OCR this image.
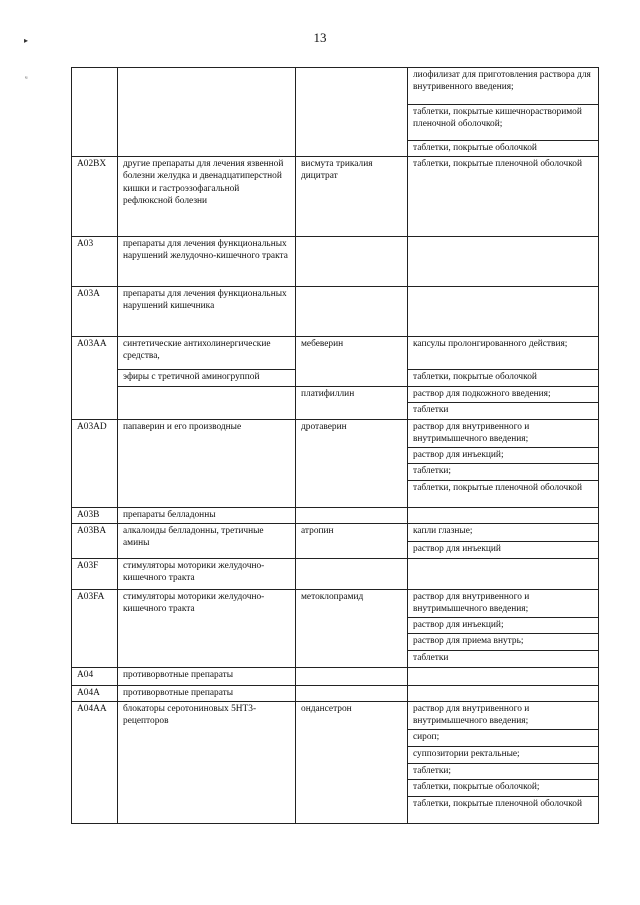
13
▸
ᵤ
				лиофилизат для приготовления раствора для внутривенного введения;
			таблетки, покрытые кишечнорастворимой пленочной оболочкой;
			таблетки, покрытые оболочкой
A02BX	другие препараты для лечения язвенной болезни желудка и двенадцатиперстной кишки и гастроэзофагальной рефлюксной болезни	висмута трикалия дицитрат	таблетки, покрытые пленочной оболочкой
A03	препараты для лечения функциональных нарушений желудочно-кишечного тракта		
A03A	препараты для лечения функциональных нарушений кишечника		
A03AA	синтетические антихолинергические средства,	мебеверин	капсулы пролонгированного действия;
	эфиры с третичной аминогруппой		таблетки, покрытые оболочкой
		платифиллин	раствор для подкожного введения;
			таблетки
A03AD	папаверин и его производные	дротаверин	раствор для внутривенного и внутримышечного введения;
			раствор для инъекций;
			таблетки;
			таблетки, покрытые пленочной оболочкой
A03B	препараты белладонны		
A03BA	алкалоиды белладонны, третичные амины	атропин	капли глазные;
			раствор для инъекций
A03F	стимуляторы моторики желудочно-кишечного тракта		
A03FA	стимуляторы моторики желудочно-кишечного тракта	метоклопрамид	раствор для внутривенного и внутримышечного введения;
			раствор для инъекций;
			раствор для приема внутрь;
			таблетки
A04	противорвотные препараты		
A04A	противорвотные препараты		
A04AA	блокаторы серотониновых 5HT3-рецепторов	ондансетрон	раствор для внутривенного и внутримышечного введения;
			сироп;
			суппозитории ректальные;
			таблетки;
			таблетки, покрытые оболочкой;
			таблетки, покрытые пленочной оболочкой
